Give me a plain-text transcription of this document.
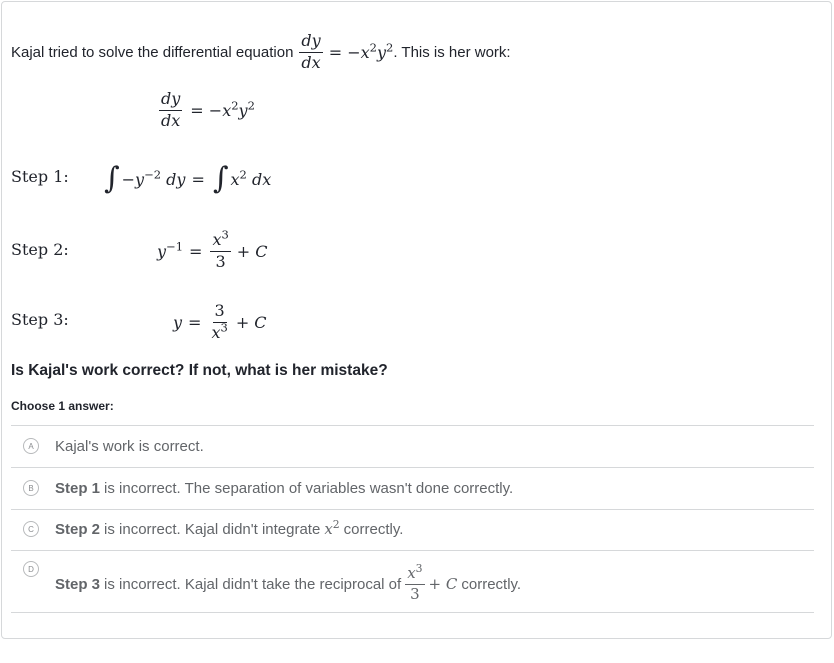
Kajal tried to solve the differential equation $\frac{dy}{dx} = -x^2y^2$ . This is her work:
$\frac{dy}{dx} = -x^2y^2$
Step 1: ∫ $-y^{-2}$ dy = ∫ $x^2$ dx
Step 2:	$y^{-1} = \frac{x^3}{3} + C$
Step 3:	$y = \frac{3}{x^3} + C$
Is Kajal's work correct? If not, what is her mistake?
Choose 1 answer:
A	Kajal's work is correct.
B	Step 1 is incorrect. The separation of variables wasn't done correctly.
C	Step 2 is incorrect. Kajal didn't integrate $x^2$ correctly.
D
Step 3 is incorrect. Kajal didn't take the reciprocal of $\frac{x^3}{3} + C$ correctly.
